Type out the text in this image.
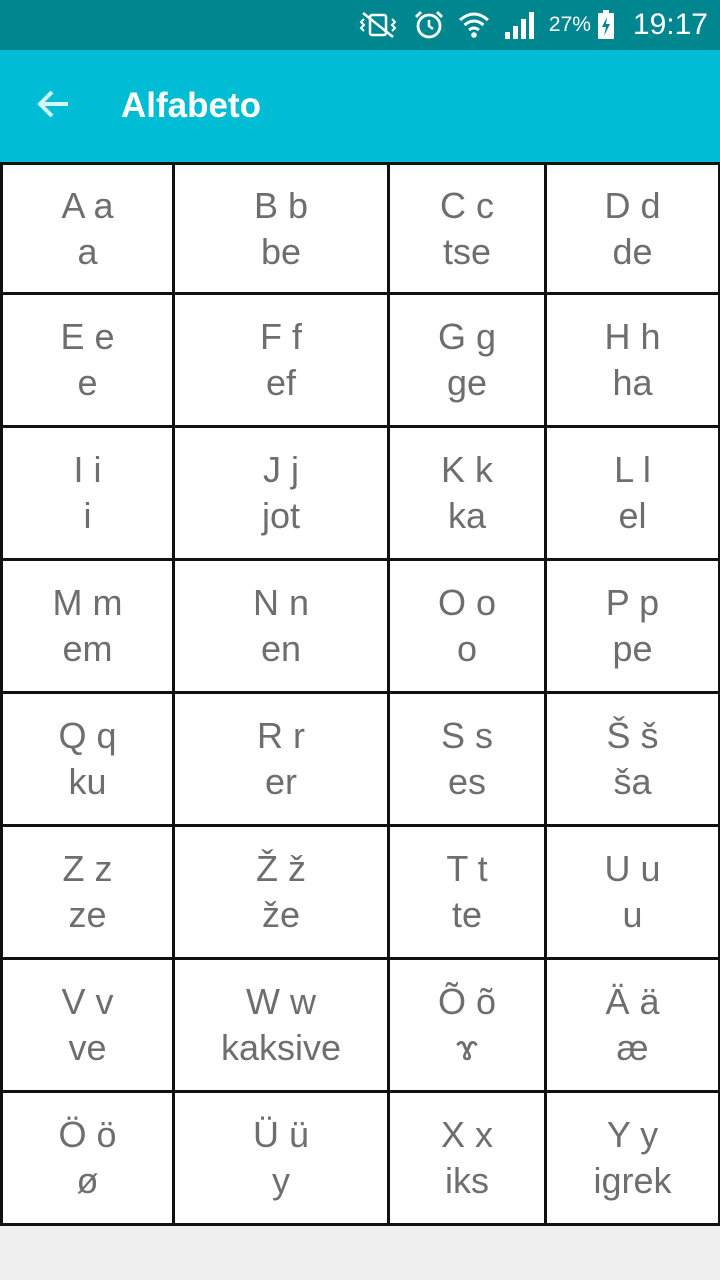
27% 19:17
Alfabeto
A a
a
B b
be
C c
tse
D d
de
E e
e
F f
ef
G g
ge
H h
ha
I i
i
J j
jot
K k
ka
L l
el
M m
em
N n
en
O o
o
P p
pe
Q q
ku
R r
er
S s
es
Š š
ša
Z z
ze
Ž ž
že
T t
te
U u
u
V v
ve
W w
kaksive
Õ õ
ɤ
Ä ä
æ
Ö ö
ø
Ü ü
y
X x
iks
Y y
igrek
